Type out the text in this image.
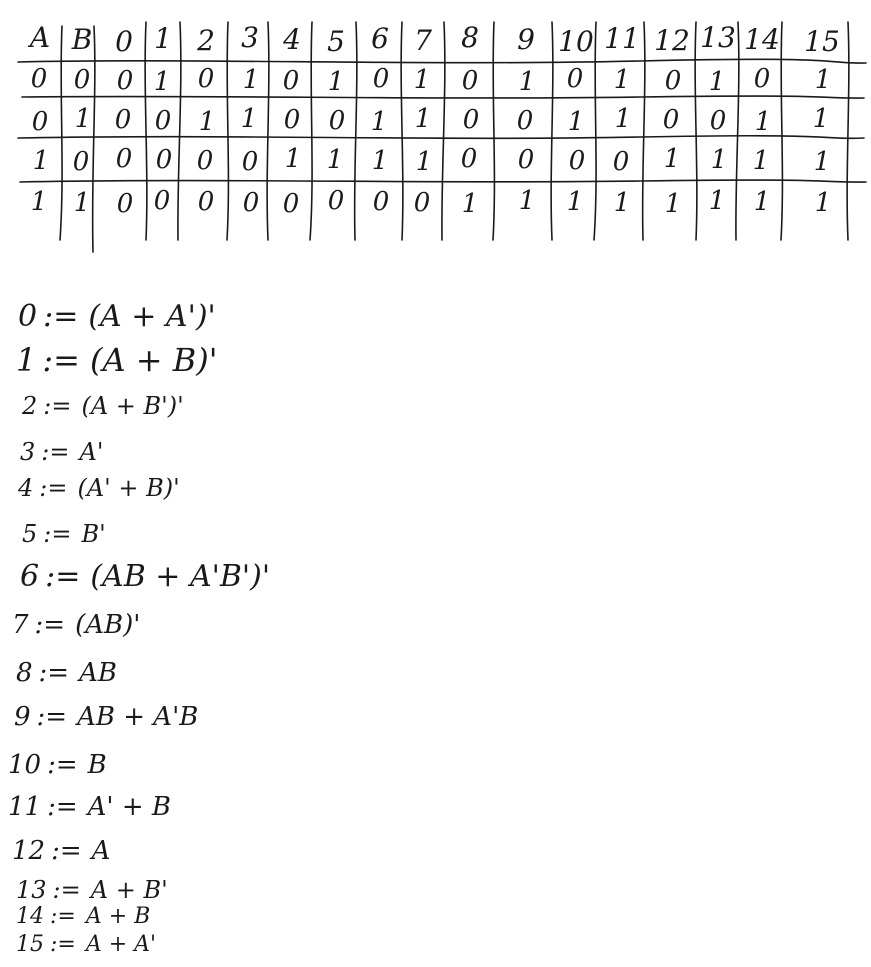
A B 0 1 2 3 4 5 6 7 8 9 10 11 12 13 14 15
0 0 0 1 0 1 0 1 0 1 0 1 0 1 0 1 0 1
0 1 0 0 1 1 0 0 1 1 0 0 1 1 0 0 1 1
1 0 0 0 0 0 1 1 1 1 0 0 0 0 1 1 1 1
1 1 0 0 0 0 0 0 0 0 1 1 1 1 1 1 1 1
0 := (A + A')'
1 := (A + B)'
2 := (A + B')'
3 := A'
4 := (A' + B)'
5 := B'
6 := (AB + A'B')'
7 := (AB)'
8 := AB
9 := AB + A'B
10 := B
11 := A' + B
12 := A
13 := A + B'
14 := A + B
15 := A + A'
